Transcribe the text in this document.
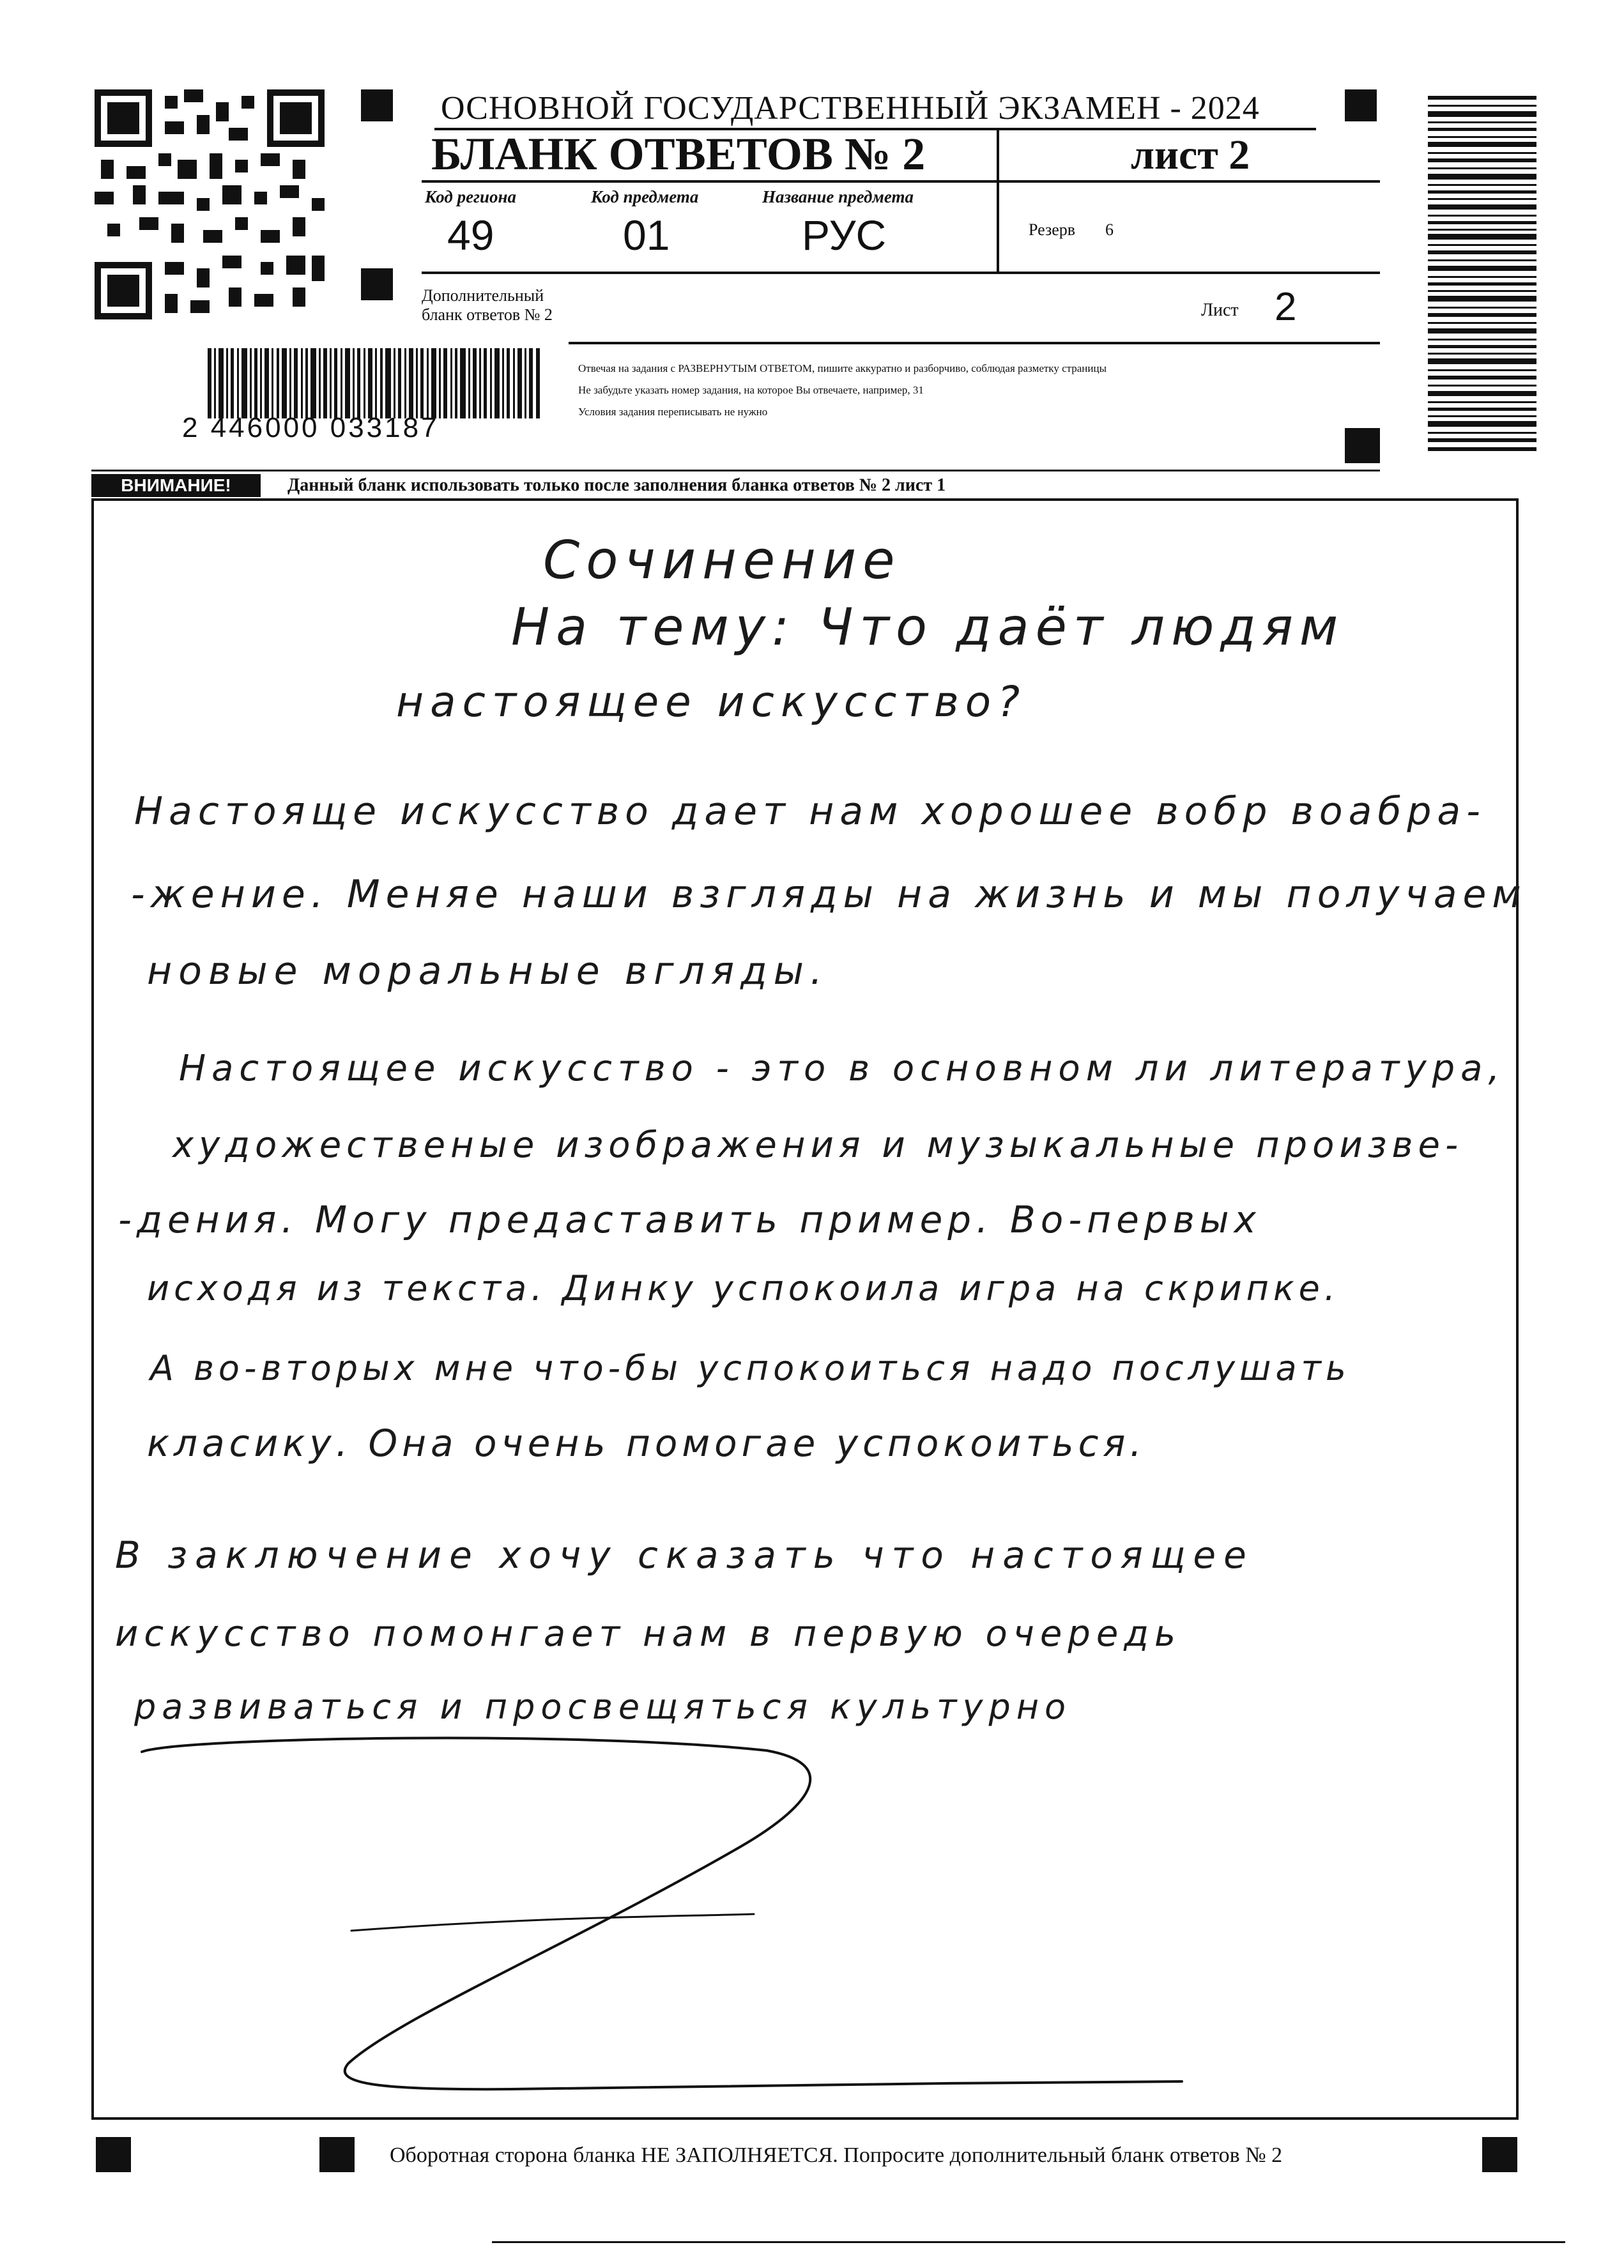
ОСНОВНОЙ ГОСУДАРСТВЕННЫЙ ЭКЗАМЕН - 2024
БЛАНК ОТВЕТОВ № 2	лист 2
Код региона
49
Код предмета
01
Название предмета
РУС	Резерв 6
Дополнительный
бланк ответов № 2	Лист 2
2 446000 033187
Отвечая на задания с РАЗВЕРНУТЫМ ОТВЕТОМ, пишите аккуратно и разборчиво, соблюдая разметку страницы
Не забудьте указать номер задания, на которое Вы отвечаете, например, 31
Условия задания переписывать не нужно
ВНИМАНИЕ!	Данный бланк использовать только после заполнения бланка ответов № 2 лист 1
Сочинение
На тему: Что даёт людям
настоящее искусство?
Настояще искусство дает нам хорошее вобр воабра-
-жение. Меняе наши взгляды на жизнь и мы получаем
новые моральные вгляды.
Настоящее искусство - это в основном ли литература,
художественые изображения и музыкальные произве-
-дения. Могу предаставить пример. Во-первых
исходя из текста. Динку успокоила игра на скрипке.
А во-вторых мне что-бы успокоиться надо послушать
класику. Она очень помогае успокоиться.
В заключение хочу сказать что настоящее
искусство помонгает нам в первую очередь
развиваться и просвещяться культурно
Оборотная сторона бланка НЕ ЗАПОЛНЯЕТСЯ. Попросите дополнительный бланк ответов № 2
